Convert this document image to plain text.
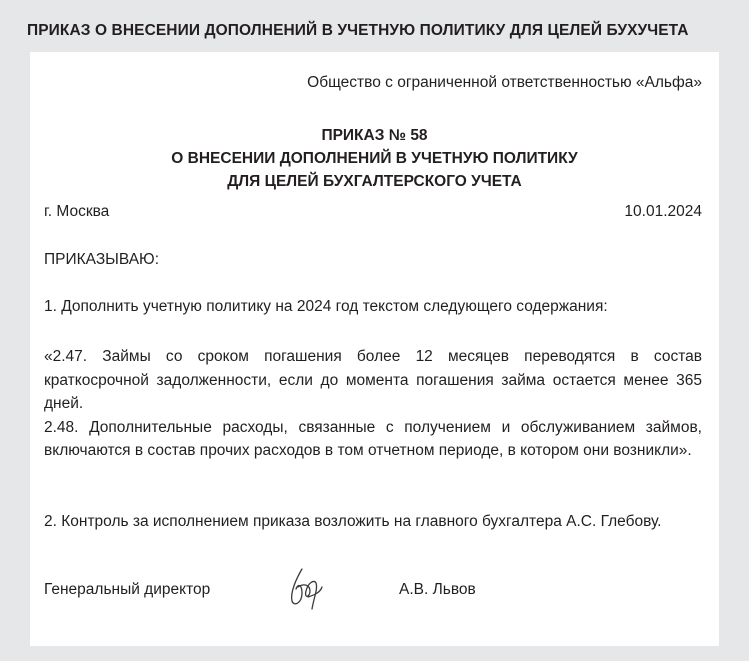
ПРИКАЗ О ВНЕСЕНИИ ДОПОЛНЕНИЙ В УЧЕТНУЮ ПОЛИТИКУ ДЛЯ ЦЕЛЕЙ БУХУЧЕТА
Общество с ограниченной ответственностью «Альфа»
ПРИКАЗ № 58
О ВНЕСЕНИИ ДОПОЛНЕНИЙ В УЧЕТНУЮ ПОЛИТИКУ
ДЛЯ ЦЕЛЕЙ БУХГАЛТЕРСКОГО УЧЕТА
г. Москва	10.01.2024
ПРИКАЗЫВАЮ:
1. Дополнить учетную политику на 2024 год текстом следующего содержания:

«2.47. Займы со сроком погашения более 12 месяцев переводятся в состав краткосрочной задолженности, если до момента погашения займа остается менее 365 дней.

2.48. Дополнительные расходы, связанные с получением и обслуживанием займов, включаются в состав прочих расходов в том отчетном периоде, в котором они возникли».

2. Контроль за исполнением приказа возложить на главного бухгалтера А.С. Глебову.
Генеральный директор	А.В. Львов
